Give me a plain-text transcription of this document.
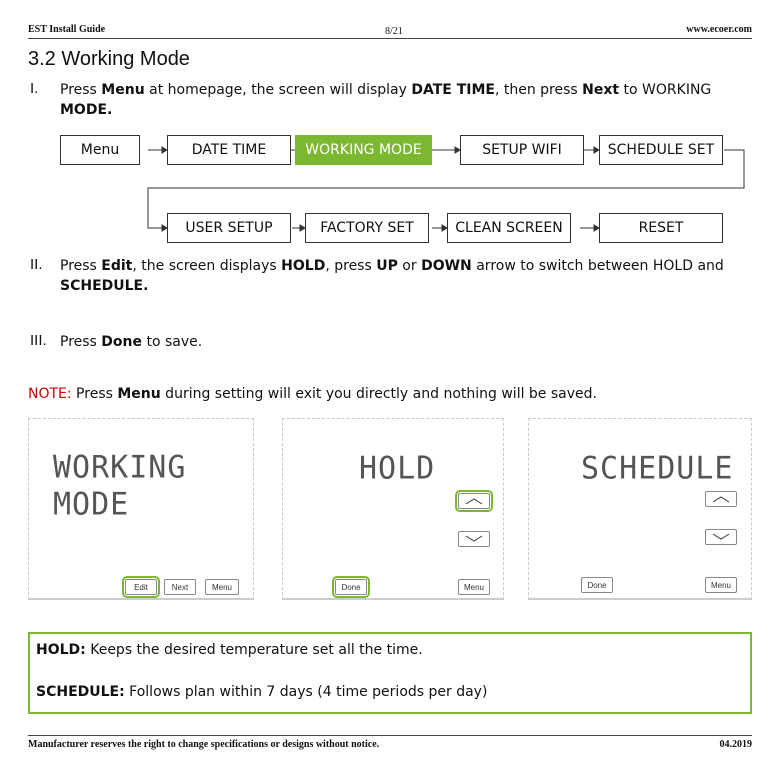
EST Install Guide	8/21	www.ecoer.com
3.2 Working Mode
I. Press Menu at homepage, the screen will display DATE TIME, then press Next to WORKING
MODE.
Menu	DATE TIME	WORKING MODE	SETUP WIFI	SCHEDULE SET
USER SETUP	FACTORY SET	CLEAN SCREEN	RESET
II. Press Edit, the screen displays HOLD, press UP or DOWN arrow to switch between HOLD and
SCHEDULE.
III. Press Done to save.
NOTE: Press Menu during setting will exit you directly and nothing will be saved.
WORKING MODE
Edit	Next	Menu
HOLD
Done	Menu
SCHEDULE
Done	Menu
HOLD: Keeps the desired temperature set all the time.
SCHEDULE: Follows plan within 7 days (4 time periods per day)
Manufacturer reserves the right to change specifications or designs without notice.	04.2019
